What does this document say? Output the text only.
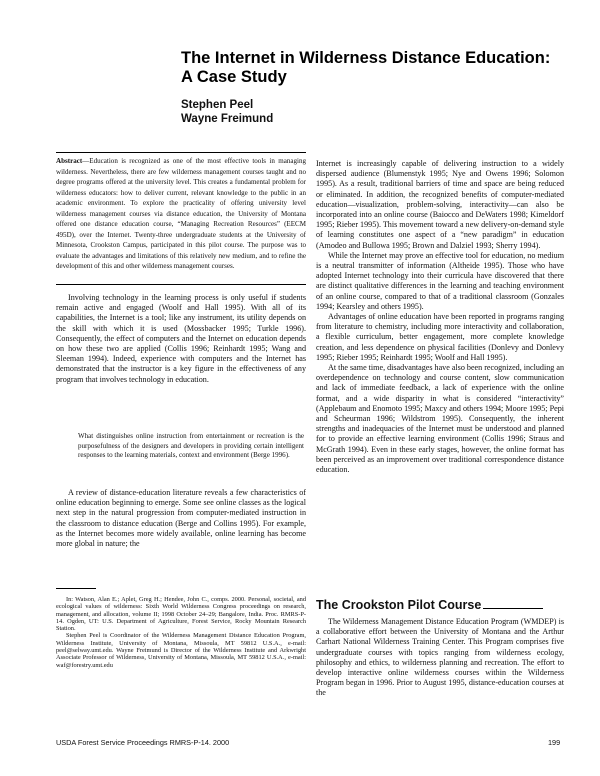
The Internet in Wilderness Distance Education: A Case Study
Stephen Peel
Wayne Freimund

Abstract—Education is recognized as one of the most effective tools in managing wilderness. Nevertheless, there are few wilderness management courses taught and no degree programs offered at the university level. This creates a fundamental problem for wilderness educators: how to deliver current, relevant knowledge to the public in an academic environment. To explore the practicality of offering university level wilderness management courses via distance education, the University of Montana offered one distance education course, “Managing Recreation Resources” (EECM 495D), over the Internet. Twenty-three undergraduate students at the University of Minnesota, Crookston Campus, participated in this pilot course. The purpose was to evaluate the advantages and limitations of this relatively new medium, and to refine the development of this and other wilderness management courses.

Involving technology in the learning process is only useful if students remain active and engaged (Woolf and Hall 1995). With all of its capabilities, the Internet is a tool; like any instrument, its utility depends on the skill with which it is used (Mossbacker 1995; Turkle 1996). Consequently, the effect of computers and the Internet on education depends on how these two are applied (Collis 1996; Reinhardt 1995; Wang and Sleeman 1994). Indeed, experience with computers and the Internet has demonstrated that the instructor is a key figure in the effectiveness of any program that involves technology in education.

What distinguishes online instruction from entertainment or recreation is the purposefulness of the designers and developers in providing certain intelligent responses to the learning materials, context and environment (Berge 1996).

A review of distance-education literature reveals a few characteristics of online education beginning to emerge. Some see online classes as the logical next step in the natural progression from computer-mediated instruction in the classroom to distance education (Berge and Collins 1995). For example, as the Internet becomes more widely available, online learning has become more global in nature; the

In: Watson, Alan E.; Aplet, Greg H.; Hendee, John C., comps. 2000. Personal, societal, and ecological values of wilderness: Sixth World Wilderness Congress proceedings on research, management, and allocation, volume II; 1998 October 24–29; Bangalore, India. Proc. RMRS-P-14. Ogden, UT: U.S. Department of Agriculture, Forest Service, Rocky Mountain Research Station.

Stephen Peel is Coordinator of the Wilderness Management Distance Education Program, Wilderness Institute, University of Montana, Missoula, MT 59812 U.S.A., e-mail: peel@selway.umt.edu. Wayne Freimund is Director of the Wilderness Institute and Arkwright Associate Professor of Wilderness, University of Montana, Missoula, MT 59812 U.S.A., e-mail: waf@forestry.umt.edu

Internet is increasingly capable of delivering instruction to a widely dispersed audience (Blumenstyk 1995; Nye and Owens 1996; Solomon 1995). As a result, traditional barriers of time and space are being reduced or eliminated. In addition, the recognized benefits of computer-mediated education—visualization, problem-solving, interactivity—can also be incorporated into an online course (Baiocco and DeWaters 1998; Kimeldorf 1995; Rieber 1995). This movement toward a new delivery-on-demand style of learning constitutes one aspect of a “new paradigm” in education (Amodeo and Bullowa 1995; Brown and Dalziel 1993; Sherry 1994).

While the Internet may prove an effective tool for education, no medium is a neutral transmitter of information (Altheide 1995). Those who have adopted Internet technology into their curricula have discovered that there are distinct qualitative differences in the learning and teaching environment of an online course, compared to that of a traditional classroom (Gonzales 1994; Kearsley and others 1995).

Advantages of online education have been reported in programs ranging from literature to chemistry, including more interactivity and collaboration, a flexible curriculum, better engagement, more complete knowledge creation, and less dependence on physical facilities (Donlevy and Donlevy 1995; Rieber 1995; Reinhardt 1995; Woolf and Hall 1995).

At the same time, disadvantages have also been recognized, including an overdependence on technology and course content, slow communication and lack of immediate feedback, a lack of experience with the online format, and a wide disparity in what is considered “interactivity” (Applebaum and Enomoto 1995; Maxcy and others 1994; Moore 1995; Pepi and Scheurman 1996; Wildstrom 1995). Consequently, the inherent strengths and inadequacies of the Internet must be understood and planned for to provide an effective learning environment (Collis 1996; Straus and McGrath 1994). Even in these early stages, however, the online format has been perceived as an improvement over traditional correspondence distance education.

The Crookston Pilot Course

The Wilderness Management Distance Education Program (WMDEP) is a collaborative effort between the University of Montana and the Arthur Carhart National Wilderness Training Center. This Program comprises five undergraduate courses with topics ranging from wilderness ecology, philosophy and ethics, to wilderness planning and recreation. The effort to develop interactive online wilderness courses within the Wilderness Program began in 1996. Prior to August 1995, distance-education courses at the

USDA Forest Service Proceedings RMRS-P-14. 2000	199
